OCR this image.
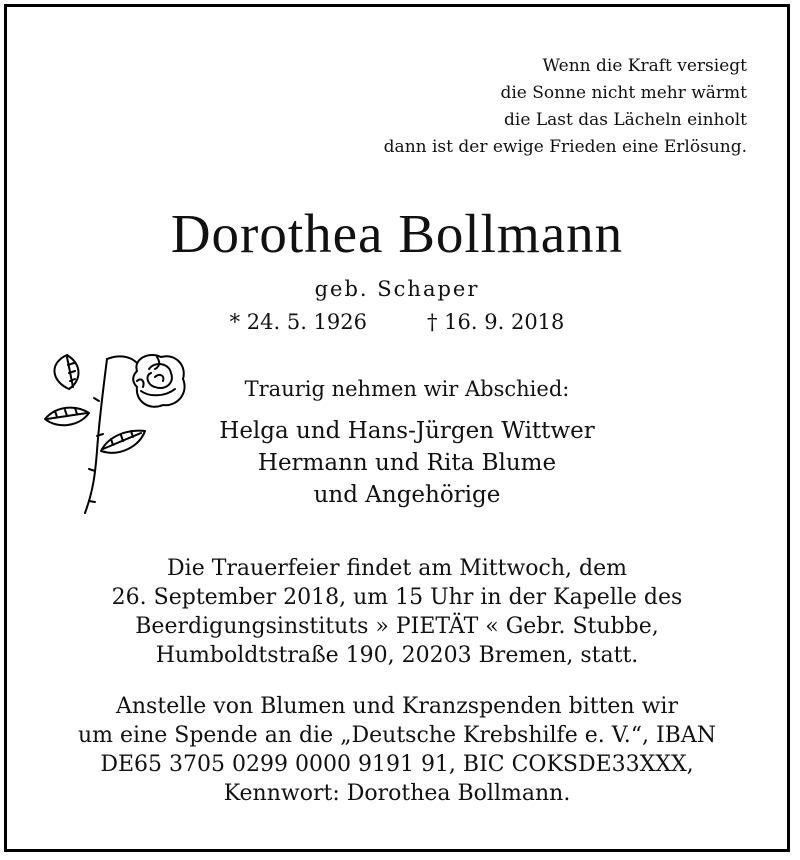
Wenn die Kraft versiegt
die Sonne nicht mehr wärmt
die Last das Lächeln einholt
dann ist der ewige Frieden eine Erlösung.
Dorothea Bollmann
geb. Schaper
* 24. 5. 1926	† 16. 9. 2018
Traurig nehmen wir Abschied:
Helga und Hans-Jürgen Wittwer
Hermann und Rita Blume
und Angehörige
Die Trauerfeier findet am Mittwoch, dem
26. September 2018, um 15 Uhr in der Kapelle des
Beerdigungsinstituts » PIETÄT « Gebr. Stubbe,
Humboldtstraße 190, 20203 Bremen, statt.
Anstelle von Blumen und Kranzspenden bitten wir
um eine Spende an die „Deutsche Krebshilfe e. V.“, IBAN
DE65 3705 0299 0000 9191 91, BIC COKSDE33XXX,
Kennwort: Dorothea Bollmann.
